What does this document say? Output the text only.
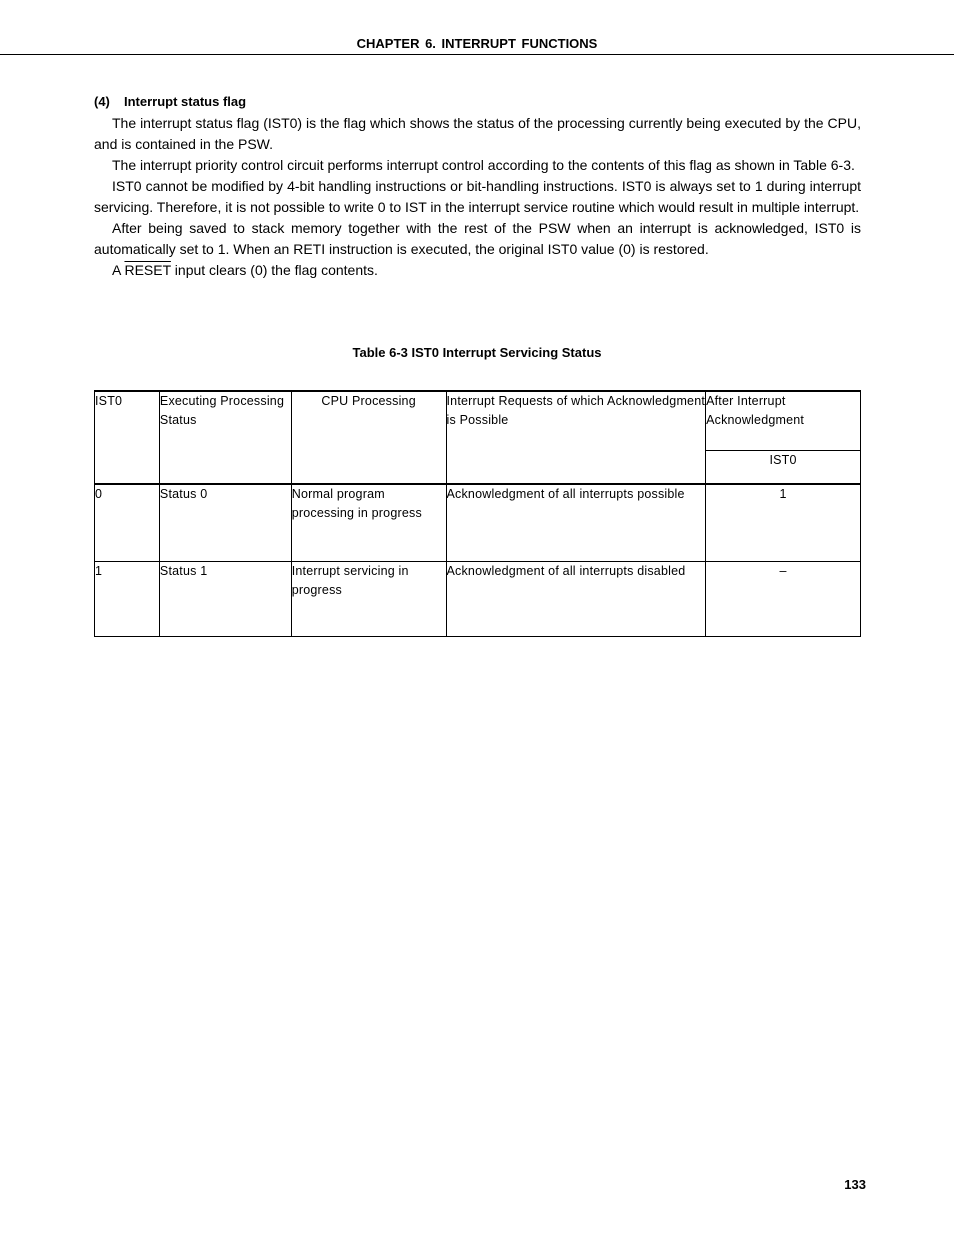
CHAPTER 6. INTERRUPT FUNCTIONS
(4) Interrupt status flag

The interrupt status flag (IST0) is the flag which shows the status of the processing currently being executed by the CPU, and is contained in the PSW.

The interrupt priority control circuit performs interrupt control according to the contents of this flag as shown in Table 6-3.

IST0 cannot be modified by 4-bit handling instructions or bit-handling instructions. IST0 is always set to 1 during interrupt servicing. Therefore, it is not possible to write 0 to IST in the interrupt service routine which would result in multiple interrupt.

After being saved to stack memory together with the rest of the PSW when an interrupt is acknowledged, IST0 is automatically set to 1. When an RETI instruction is executed, the original IST0 value (0) is restored.

A RESET input clears (0) the flag contents.

Table 6-3 IST0 Interrupt Servicing Status
IST0	Executing Processing Status	CPU Processing	Interrupt Requests of which Acknowledgment is Possible	After Interrupt Acknowledgment
				IST0
0	Status 0	Normal program processing in progress	Acknowledgment of all interrupts possible	1
1	Status 1	Interrupt servicing in progress	Acknowledgment of all interrupts disabled	–
133
